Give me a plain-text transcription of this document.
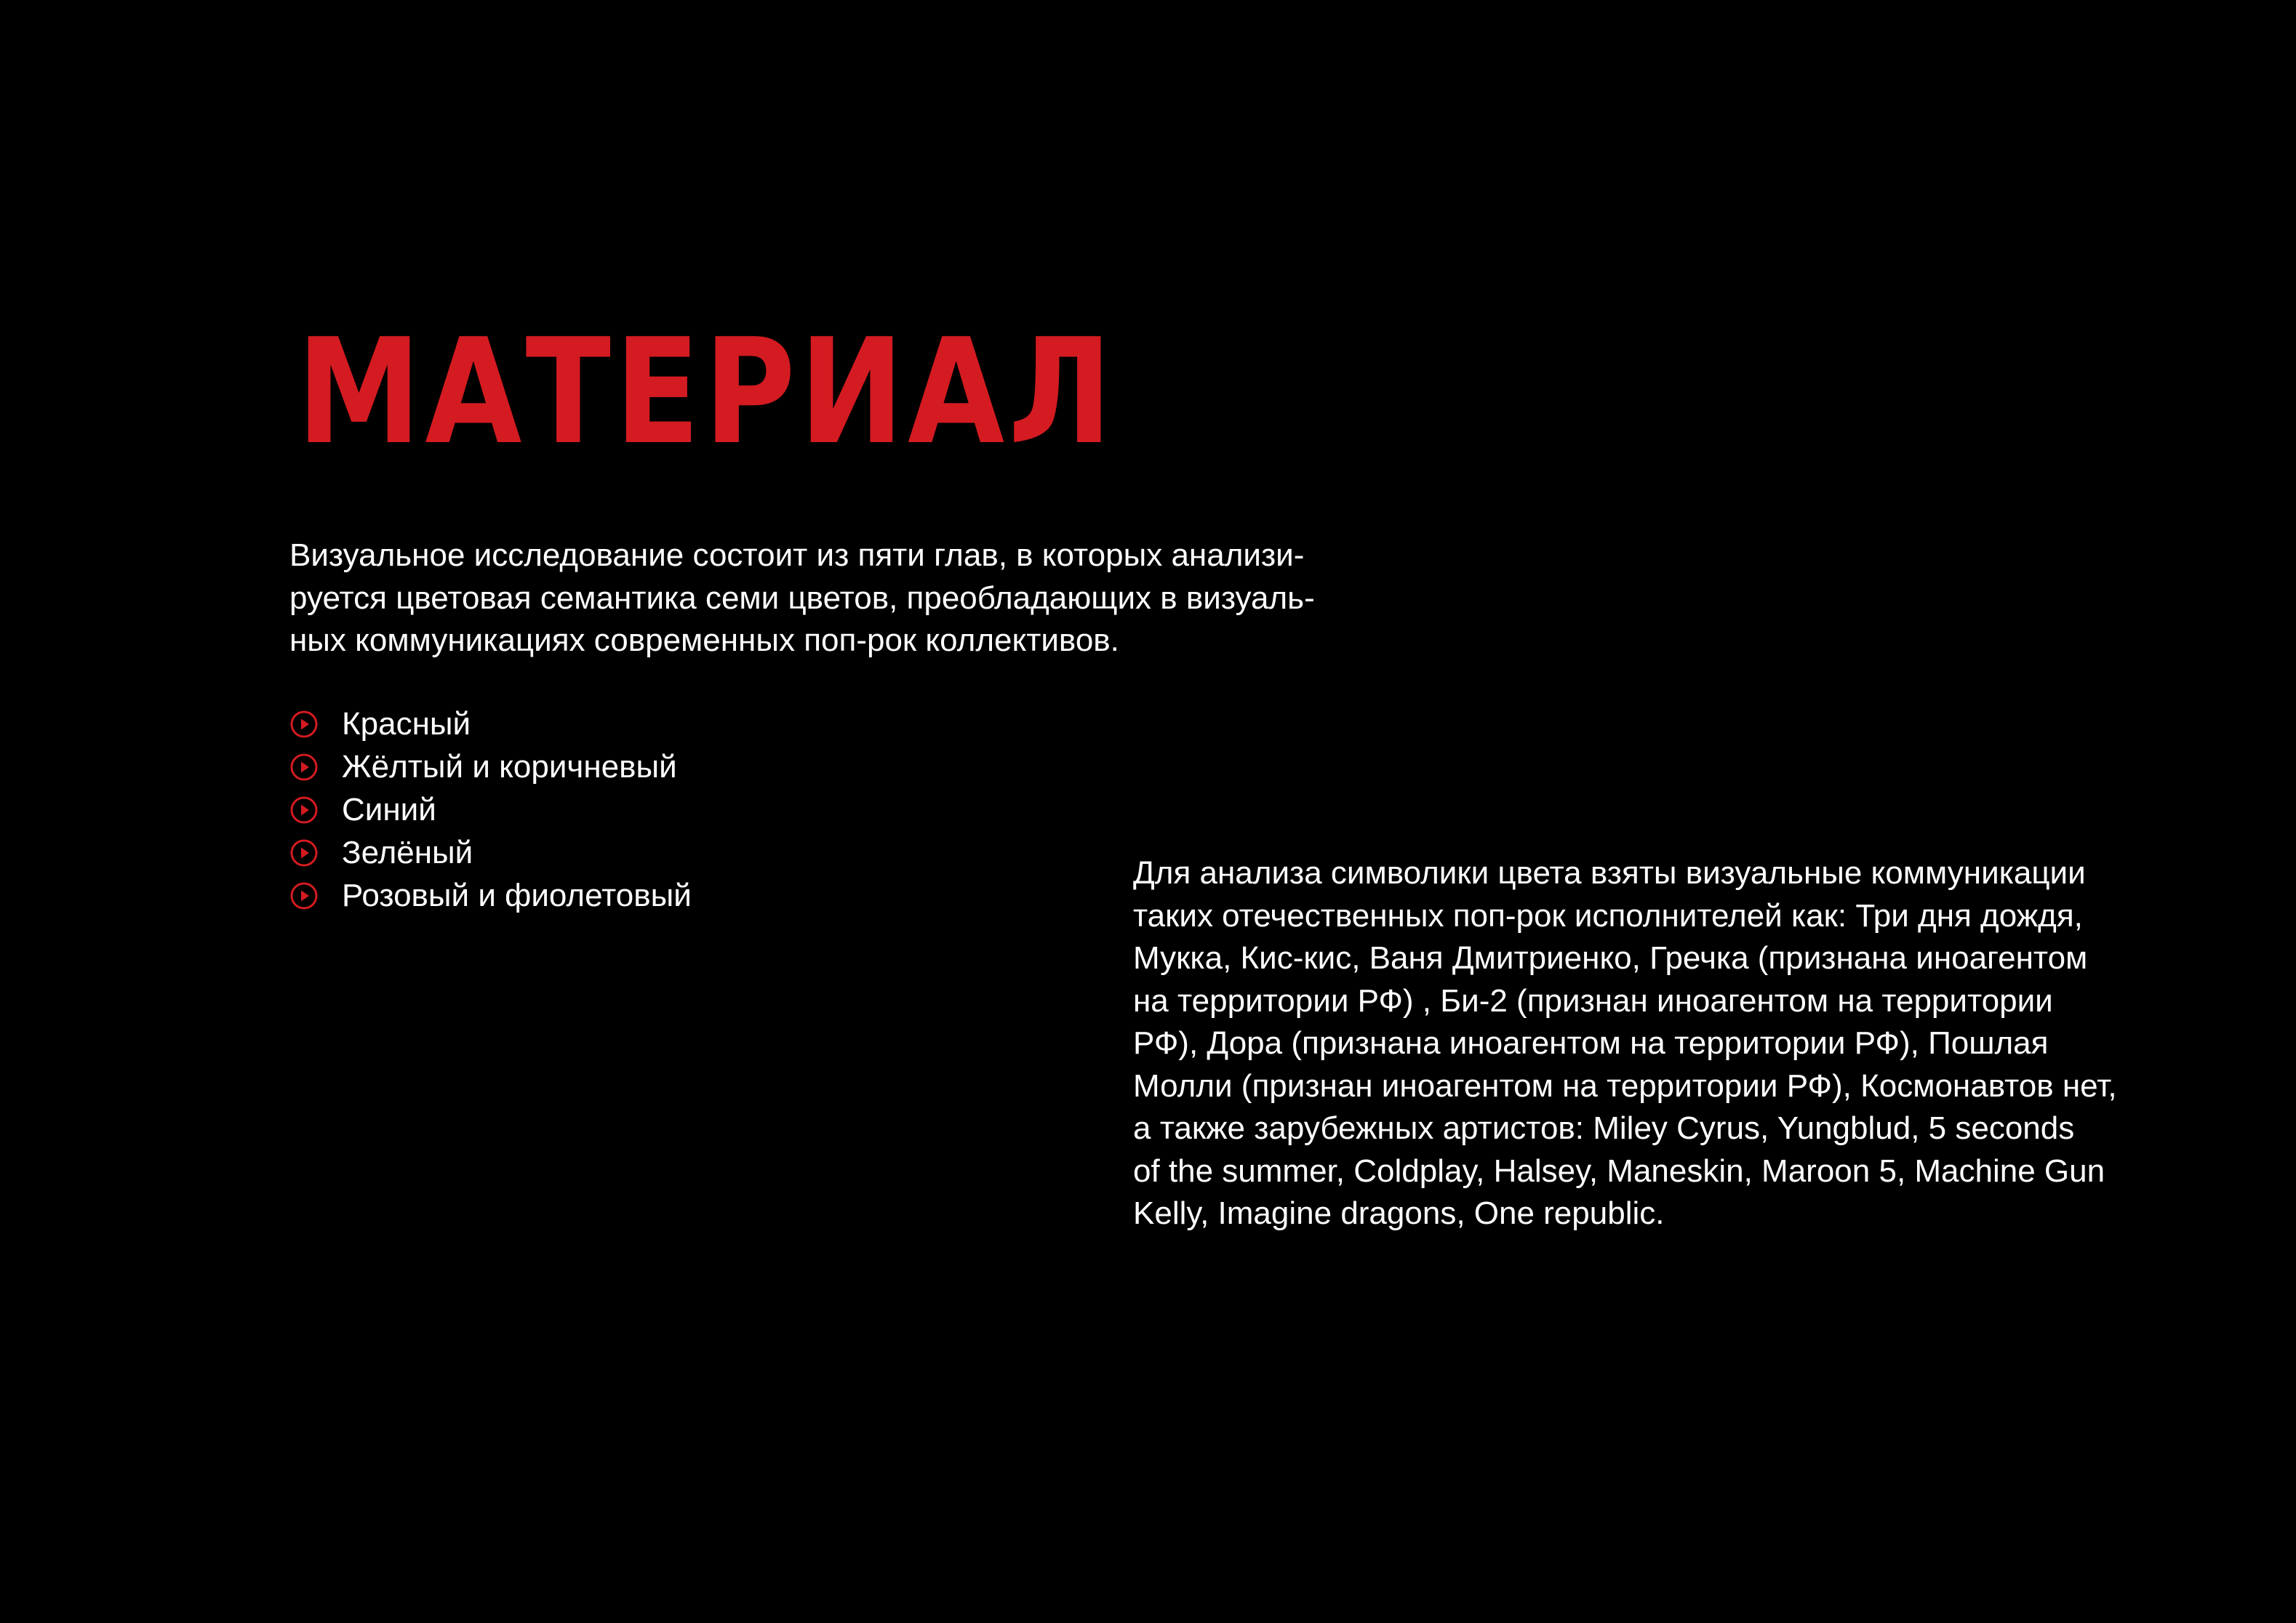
МАТЕРИАЛ

Визуальное исследование состоит из пяти глав, в которых анализи-
руется цветовая семантика семи цветов, преобладающих в визуаль-
ных коммуникациях современных поп-рок коллективов.

Красный
Жёлтый и коричневый
Синий
Зелёный
Розовый и фиолетовый

Для анализа символики цвета взяты визуальные коммуникации
таких отечественных поп-рок исполнителей как: Три дня дождя,
Мукка, Кис-кис, Ваня Дмитриенко, Гречка (признана иноагентом
на территории РФ) , Би-2 (признан иноагентом на территории
РФ), Дора (признана иноагентом на территории РФ), Пошлая
Молли (признан иноагентом на территории РФ), Космонавтов нет,
а также зарубежных артистов: Miley Cyrus, Yungblud, 5 seconds
of the summer, Coldplay, Halsey, Maneskin, Maroon 5, Machine Gun
Kelly, Imagine dragons, One republic.
